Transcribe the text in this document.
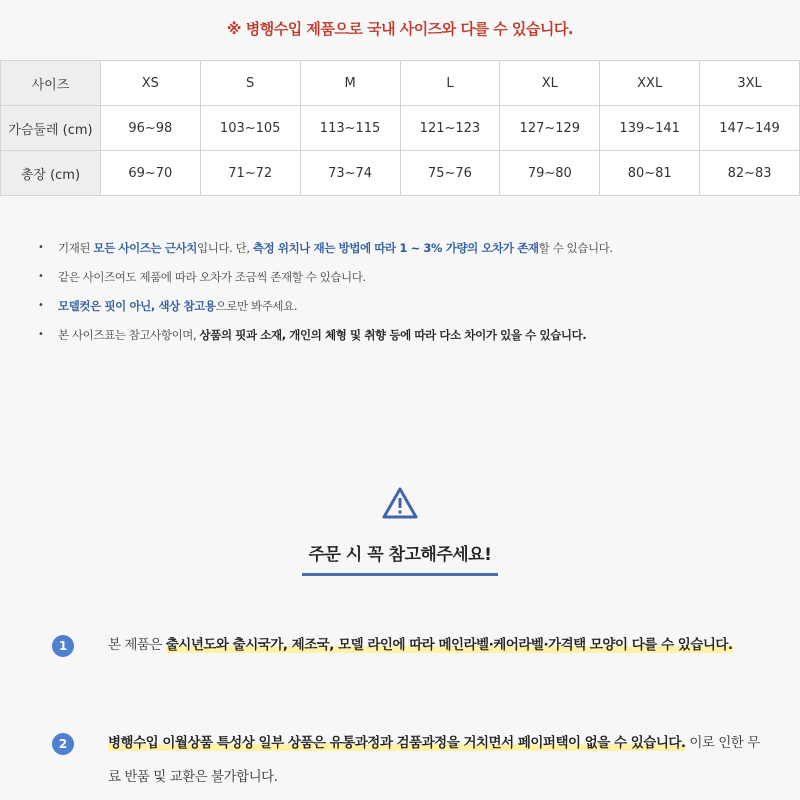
※ 병행수입 제품으로 국내 사이즈와 다를 수 있습니다.
사이즈	XS	S	M	L	XL	XXL	3XL
가슴둘레 (cm)	96~98	103~105	113~115	121~123	127~129	139~141	147~149
총장 (cm)	69~70	71~72	73~74	75~76	79~80	80~81	82~83
• 기재된 모든 사이즈는 근사치입니다. 단, 측정 위치나 재는 방법에 따라 1 ~ 3% 가량의 오차가 존재할 수 있습니다.
• 같은 사이즈여도 제품에 따라 오차가 조금씩 존재할 수 있습니다.
• 모델컷은 핏이 아닌, 색상 참고용으로만 봐주세요.
• 본 사이즈표는 참고사항이며, 상품의 핏과 소재, 개인의 체형 및 취향 등에 따라 다소 차이가 있을 수 있습니다.
주문 시 꼭 참고해주세요!
1	본 제품은 출시년도와 출시국가, 제조국, 모델 라인에 따라 메인라벨·케어라벨·가격택 모양이 다를 수 있습니다.
2	병행수입 이월상품 특성상 일부 상품은 유통과정과 검품과정을 거치면서 페이퍼택이 없을 수 있습니다. 이로 인한 무료 반품 및 교환은 불가합니다.
